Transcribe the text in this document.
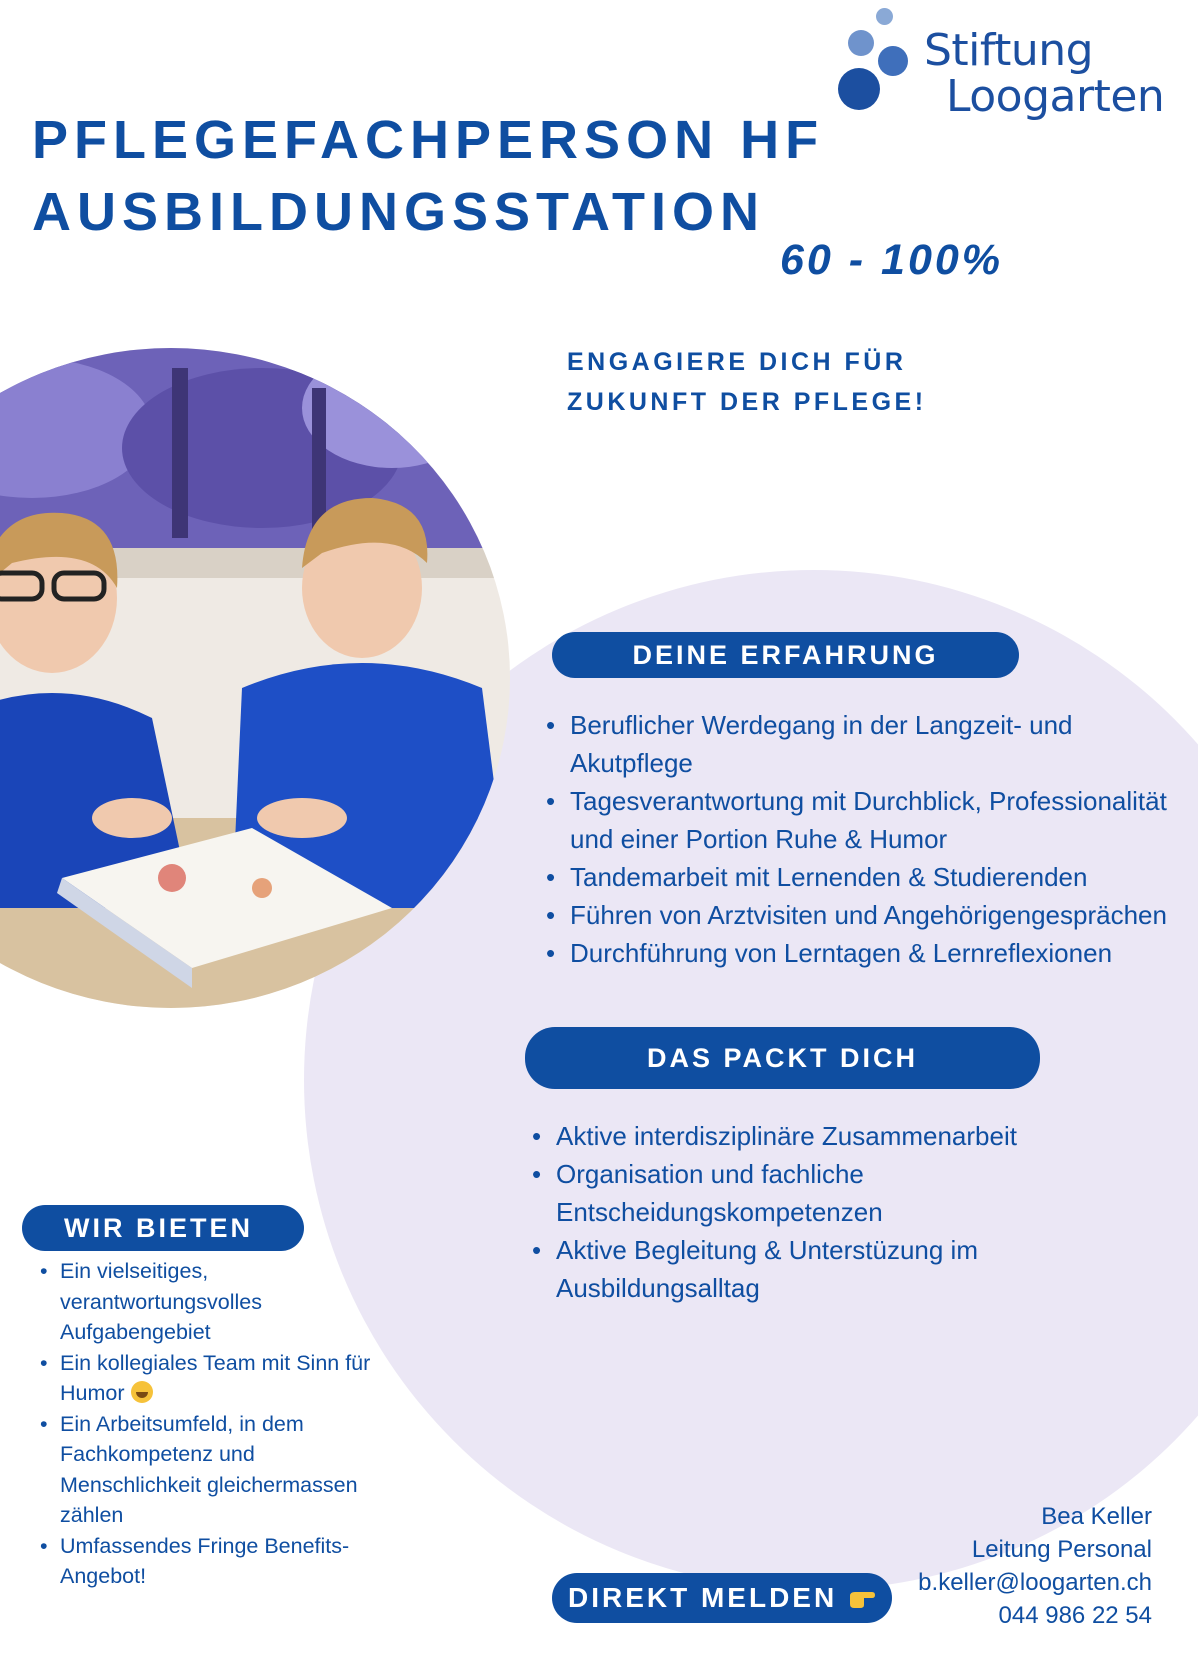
Stiftung
Loogarten
PFLEGEFACHPERSON HF
AUSBILDUNGSSTATION
60 - 100%
ENGAGIERE DICH FÜR
ZUKUNFT DER PFLEGE!
DEINE ERFAHRUNG
• Beruflicher Werdegang in der Langzeit- und Akutpflege
• Tagesverantwortung mit Durchblick, Professionalität und einer Portion Ruhe & Humor
• Tandemarbeit mit Lernenden & Studierenden
• Führen von Arztvisiten und Angehörigengesprächen
• Durchführung von Lerntagen & Lernreflexionen
DAS PACKT DICH
• Aktive interdisziplinäre Zusammenarbeit
• Organisation und fachliche Entscheidungskompetenzen
• Aktive Begleitung & Unterstüzung im Ausbildungsalltag
WIR BIETEN
• Ein vielseitiges, verantwortungsvolles Aufgabengebiet
• Ein kollegiales Team mit Sinn für Humor
• Ein Arbeitsumfeld, in dem Fachkompetenz und Menschlichkeit gleichermassen zählen
• Umfassendes Fringe Benefits-Angebot!
DIREKT MELDEN
Bea Keller
Leitung Personal
b.keller@loogarten.ch
044 986 22 54
